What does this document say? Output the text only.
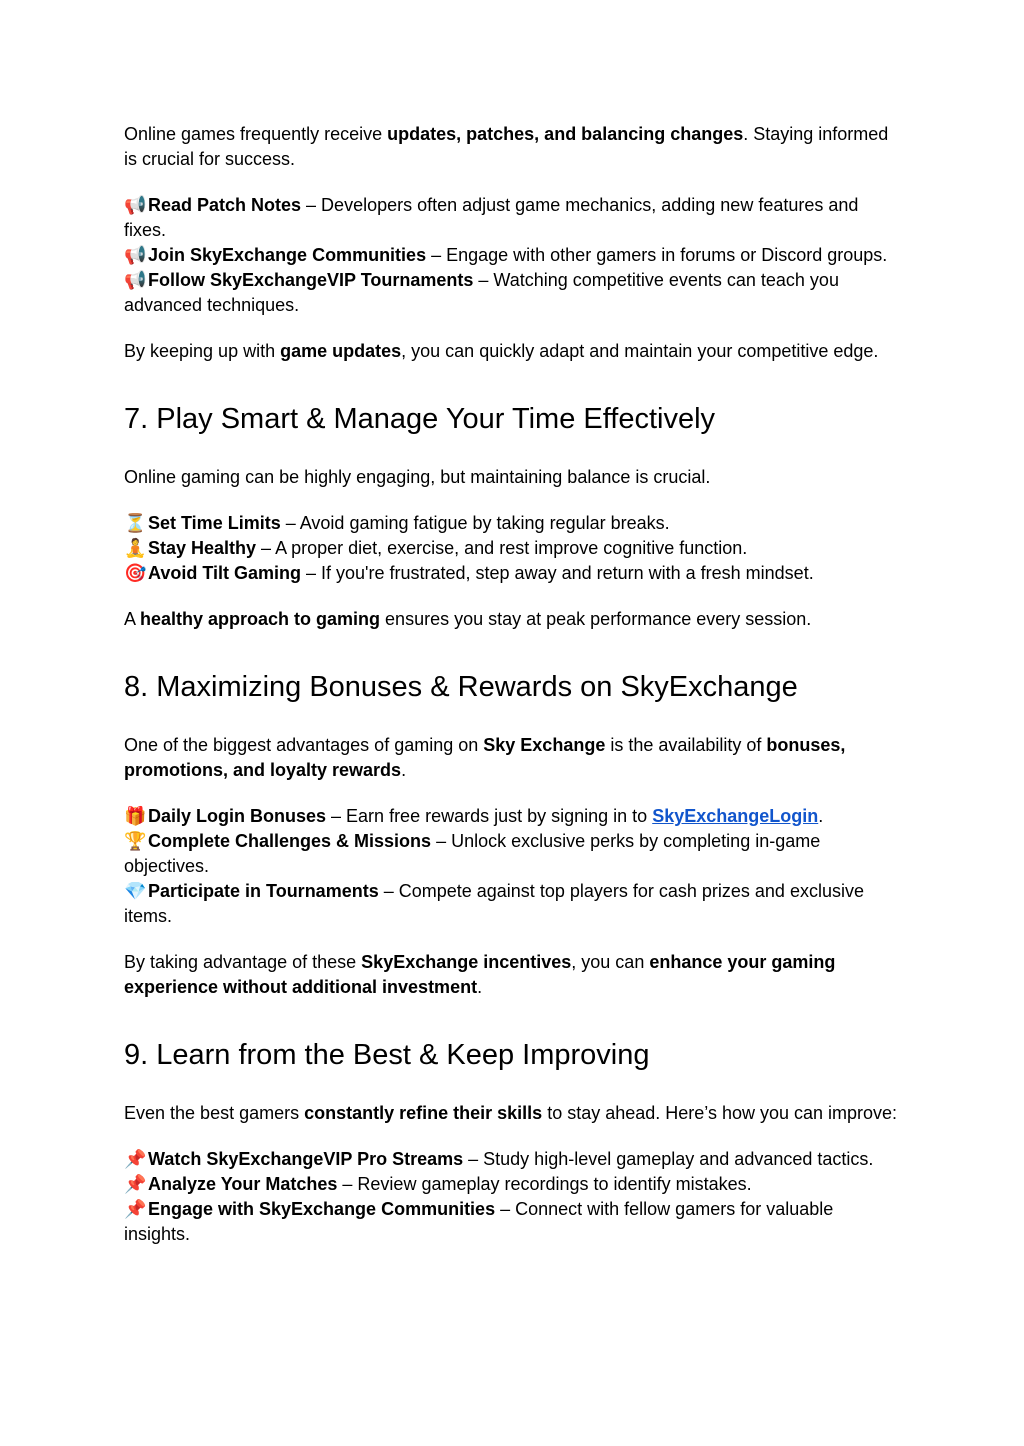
Online games frequently receive updates, patches, and balancing changes. Staying informed is crucial for success.

📢Read Patch Notes – Developers often adjust game mechanics, adding new features and fixes.

📢Join SkyExchange Communities – Engage with other gamers in forums or Discord groups.

📢Follow SkyExchangeVIP Tournaments – Watching competitive events can teach you advanced techniques.

By keeping up with game updates, you can quickly adapt and maintain your competitive edge.

7. Play Smart & Manage Your Time Effectively

Online gaming can be highly engaging, but maintaining balance is crucial.

⏳Set Time Limits – Avoid gaming fatigue by taking regular breaks.

🧘Stay Healthy – A proper diet, exercise, and rest improve cognitive function.

🎯Avoid Tilt Gaming – If you're frustrated, step away and return with a fresh mindset.

A healthy approach to gaming ensures you stay at peak performance every session.

8. Maximizing Bonuses & Rewards on SkyExchange

One of the biggest advantages of gaming on Sky Exchange is the availability of bonuses, promotions, and loyalty rewards.

🎁Daily Login Bonuses – Earn free rewards just by signing in to SkyExchangeLogin.

🏆Complete Challenges & Missions – Unlock exclusive perks by completing in-game objectives.

💎Participate in Tournaments – Compete against top players for cash prizes and exclusive items.

By taking advantage of these SkyExchange incentives, you can enhance your gaming experience without additional investment.

9. Learn from the Best & Keep Improving

Even the best gamers constantly refine their skills to stay ahead. Here’s how you can improve:

📌Watch SkyExchangeVIP Pro Streams – Study high-level gameplay and advanced tactics.

📌Analyze Your Matches – Review gameplay recordings to identify mistakes.

📌Engage with SkyExchange Communities – Connect with fellow gamers for valuable insights.
